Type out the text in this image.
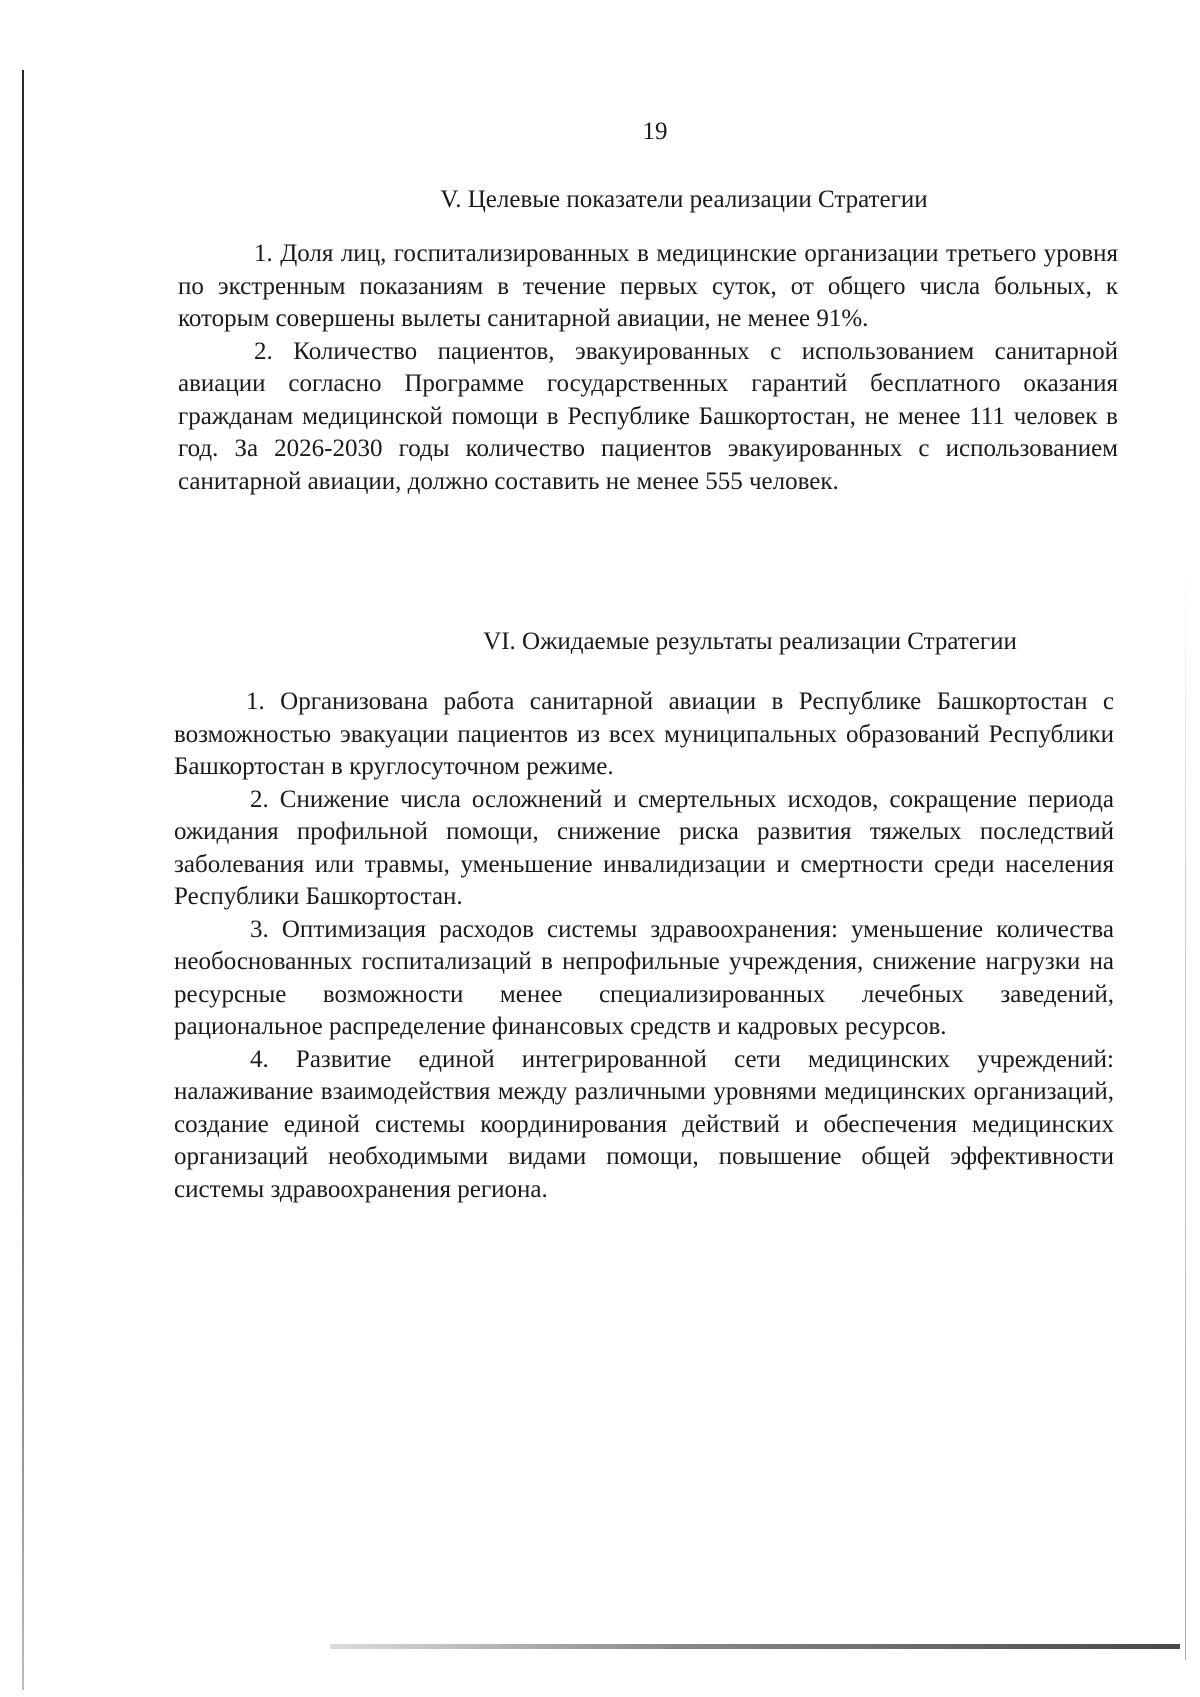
19
V. Целевые показатели реализации Стратегии

1. Доля лиц, госпитализированных в медицинские организации третьего уровня по экстренным показаниям в течение первых суток, от общего числа больных, к которым совершены вылеты санитарной авиации, не менее 91%.

2. Количество пациентов, эвакуированных с использованием санитарной авиации согласно Программе государственных гарантий бесплатного оказания гражданам медицинской помощи в Республике Башкортостан, не менее 111 человек в год. За 2026-2030 годы количество пациентов эвакуированных с использованием санитарной авиации, должно составить не менее 555 человек.

VI. Ожидаемые результаты реализации Стратегии

1. Организована работа санитарной авиации в Республике Башкортостан с возможностью эвакуации пациентов из всех муниципальных образований Республики Башкортостан в круглосуточном режиме.

2. Снижение числа осложнений и смертельных исходов, сокращение периода ожидания профильной помощи, снижение риска развития тяжелых последствий заболевания или травмы, уменьшение инвалидизации и смертности среди населения Республики Башкортостан.

3. Оптимизация расходов системы здравоохранения: уменьшение количества необоснованных госпитализаций в непрофильные учреждения, снижение нагрузки на ресурсные возможности менее специализированных лечебных заведений, рациональное распределение финансовых средств и кадровых ресурсов.

4. Развитие единой интегрированной сети медицинских учреждений: налаживание взаимодействия между различными уровнями медицинских организаций, создание единой системы координирования действий и обеспечения медицинских организаций необходимыми видами помощи, повышение общей эффективности системы здравоохранения региона.
